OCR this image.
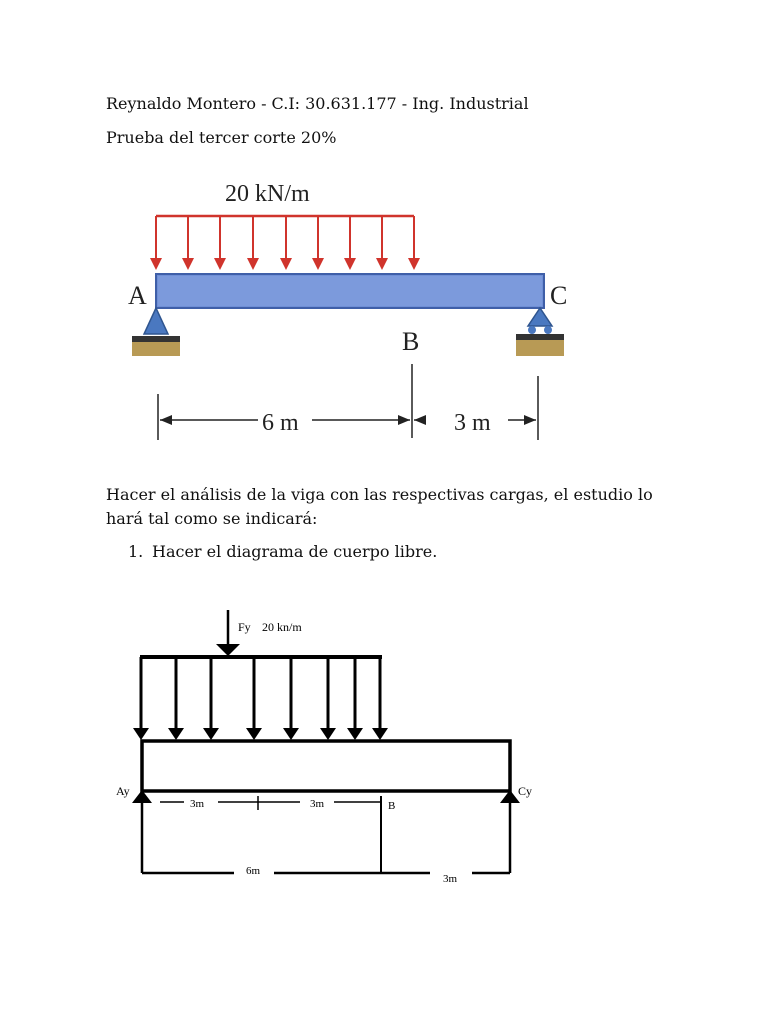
Reynaldo Montero - C.I: 30.631.177 - Ing. Industrial
Prueba del tercer corte 20%
20 kN/m
A	C
B
6 m	3 m
Hacer el análisis de la viga con las respectivas cargas, el estudio lo hará tal como se indicará:
1. Hacer el diagrama de cuerpo libre.
Fy 20 kn/m
Ay	Cy
3m	3m	B
6m
3m
